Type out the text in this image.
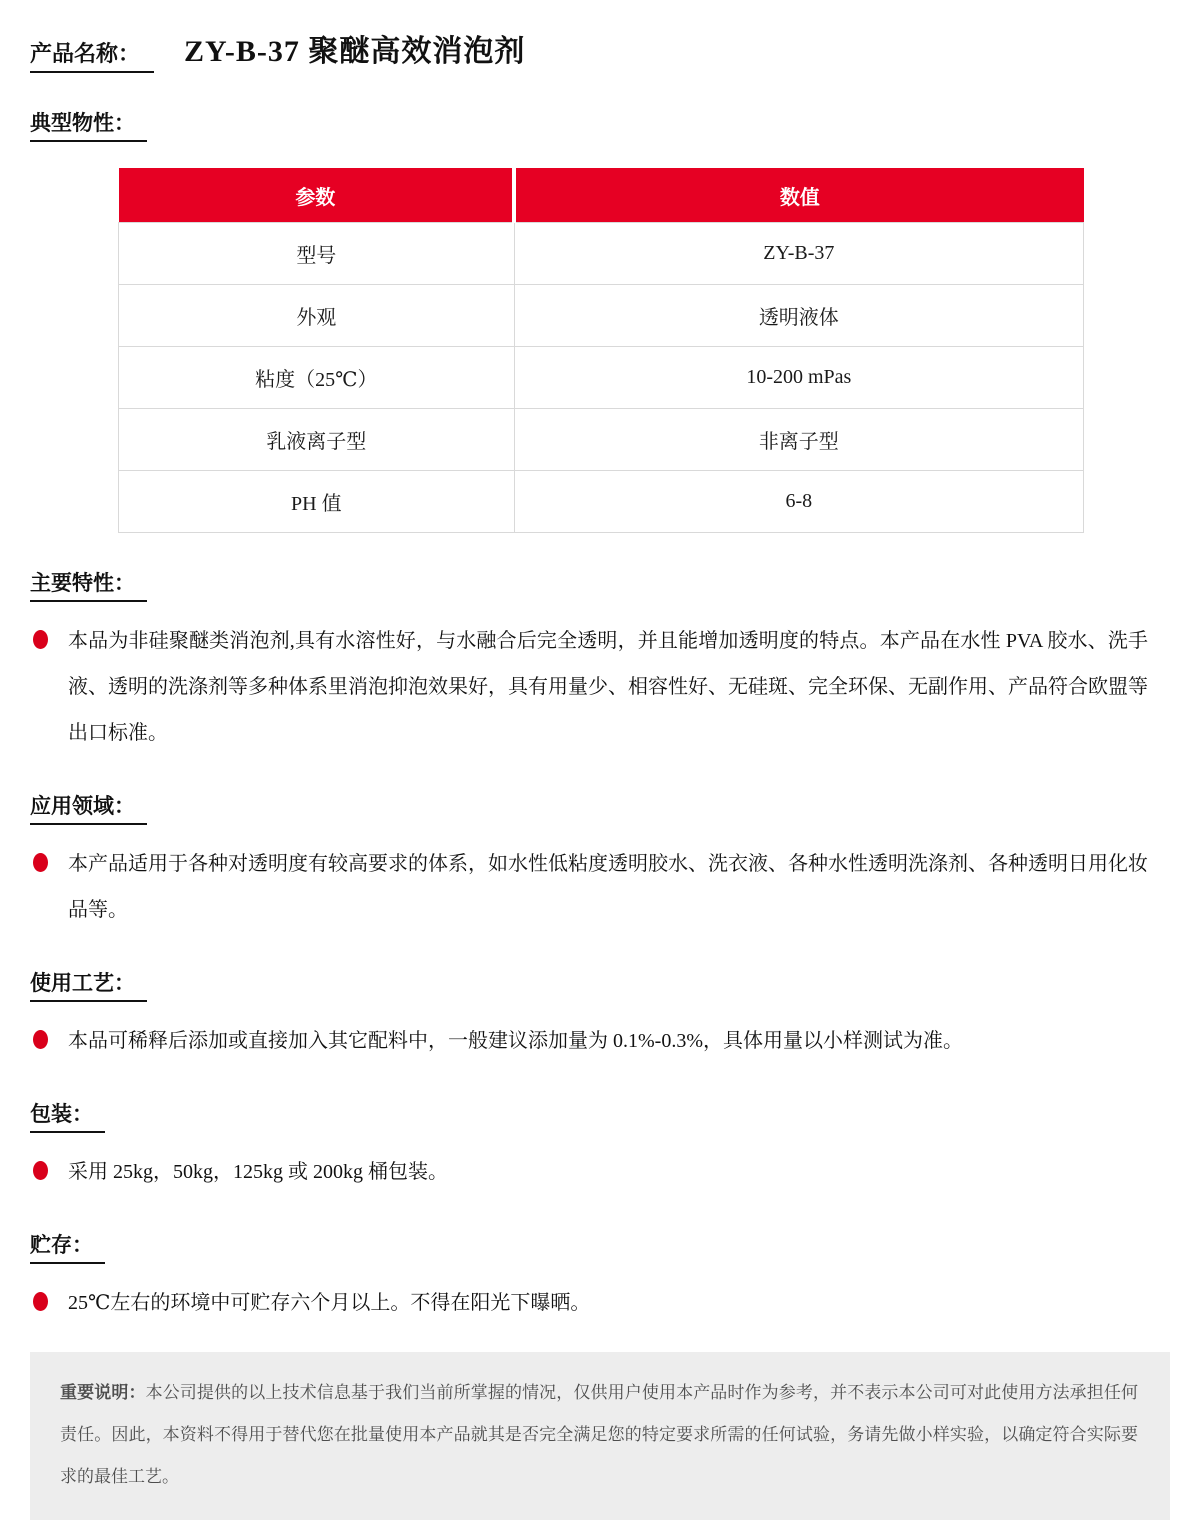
产品名称：	ZY-B-37 聚醚高效消泡剂
典型物性：
参数	数值
型号	ZY-B-37
外观	透明液体
粘度（25℃）	10-200 mPas
乳液离子型	非离子型
PH 值	6-8
主要特性：
本品为非硅聚醚类消泡剂,具有水溶性好，与水融合后完全透明，并且能增加透明度的特点。本产品在水性 PVA 胶水、洗手液、透明的洗涤剂等多种体系里消泡抑泡效果好，具有用量少、相容性好、无硅斑、完全环保、无副作用、产品符合欧盟等出口标准。
应用领域：
本产品适用于各种对透明度有较高要求的体系，如水性低粘度透明胶水、洗衣液、各种水性透明洗涤剂、各种透明日用化妆品等。
使用工艺：
本品可稀释后添加或直接加入其它配料中，一般建议添加量为 0.1%-0.3%，具体用量以小样测试为准。
包装：
采用 25kg，50kg，125kg 或 200kg 桶包装。
贮存：
25℃左右的环境中可贮存六个月以上。不得在阳光下曝晒。
重要说明：本公司提供的以上技术信息基于我们当前所掌握的情况，仅供用户使用本产品时作为参考，并不表示本公司可对此使用方法承担任何责任。因此，本资料不得用于替代您在批量使用本产品就其是否完全满足您的特定要求所需的任何试验，务请先做小样实验，以确定符合实际要求的最佳工艺。
